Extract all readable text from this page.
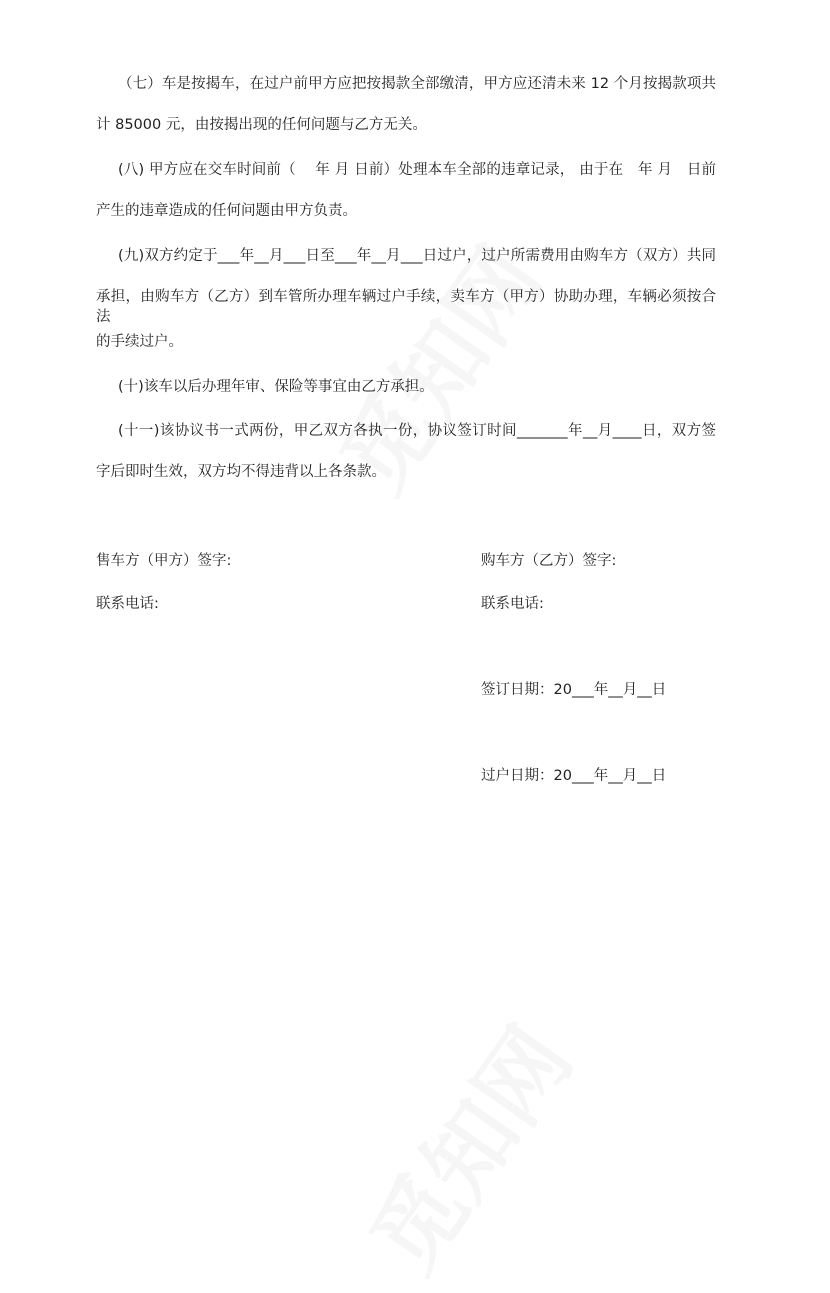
（七）车是按揭车，在过户前甲方应把按揭款全部缴清，甲方应还清未来 12 个月按揭款项共
计 85000 元，由按揭出现的任何问题与乙方无关。
(八) 甲方应在交车时间前（　 年 月 日前）处理本车全部的违章记录， 由于在　年 月　日前
产生的违章造成的任何问题由甲方负责。
(九)双方约定于___年__月___日至___年__月___日过户，过户所需费用由购车方（双方）共同
承担，由购车方（乙方）到车管所办理车辆过户手续，卖车方（甲方）协助办理，车辆必须按合法
的手续过户。
(十)该车以后办理年审、保险等事宜由乙方承担。
(十一)该协议书一式两份，甲乙双方各执一份，协议签订时间_______年__月____日，双方签
字后即时生效，双方均不得违背以上各条款。
售车方（甲方）签字:	购车方（乙方）签字:
联系电话:	联系电话:
签订日期：20___年__月__日
过户日期：20___年__月__日
